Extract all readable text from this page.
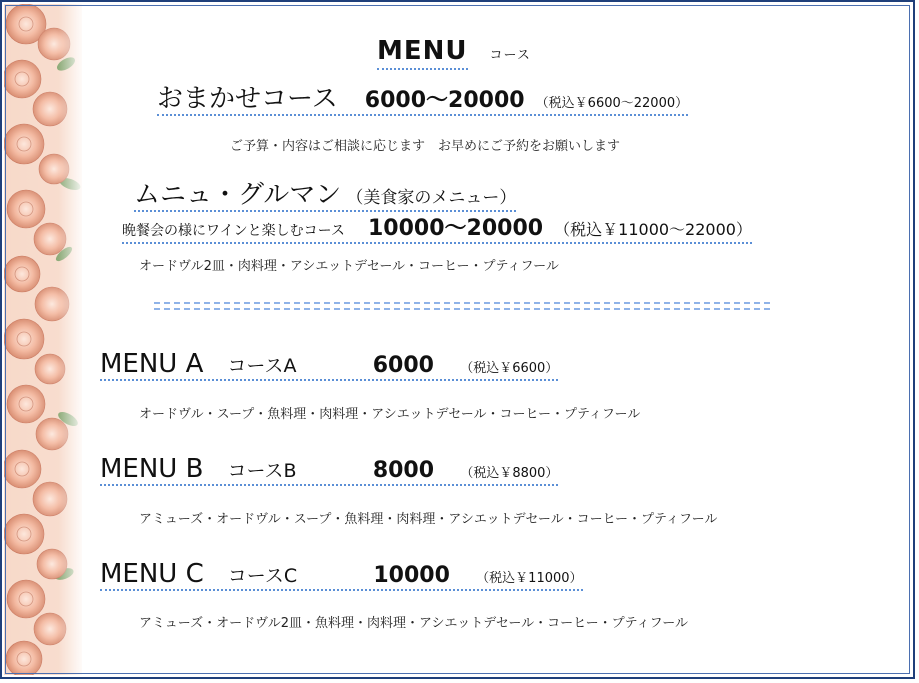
MENU コース
おまかせコース 6000～20000 （税込￥6600～22000）
ご予算・内容はご相談に応じます　お早めにご予約をお願いします
ムニュ・グルマン （美食家のメニュー）
晩餐会の様にワインと楽しむコース 10000～20000 （税込￥11000～22000）
オードヴル2皿・肉料理・アシエットデセール・コーヒー・プティフール
MENU A コースA	6000 （税込￥6600）
オードヴル・スープ・魚料理・肉料理・アシエットデセール・コーヒー・プティフール
MENU B コースB	8000 （税込￥8800）
アミューズ・オードヴル・スープ・魚料理・肉料理・アシエットデセール・コーヒー・プティフール
MENU C コースC	10000 （税込￥11000）
アミューズ・オードヴル2皿・魚料理・肉料理・アシエットデセール・コーヒー・プティフール
